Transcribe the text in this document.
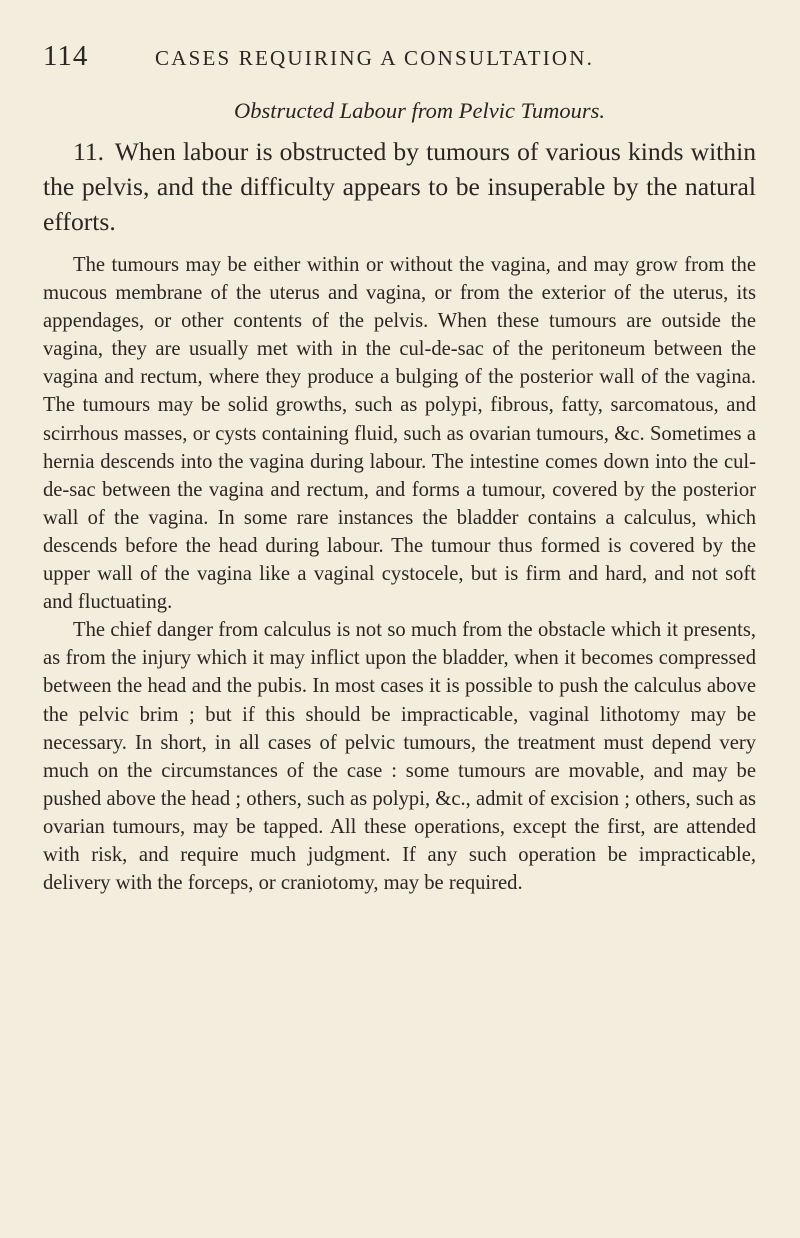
114	CASES REQUIRING A CONSULTATION.
Obstructed Labour from Pelvic Tumours.

11. When labour is obstructed by tumours of various kinds within the pelvis, and the difficulty appears to be insuperable by the natural efforts.

The tumours may be either within or without the vagina, and may grow from the mucous membrane of the uterus and vagina, or from the exterior of the uterus, its appendages, or other contents of the pelvis. When these tumours are outside the vagina, they are usually met with in the cul-de-sac of the peritoneum between the vagina and rectum, where they produce a bulging of the posterior wall of the vagina. The tumours may be solid growths, such as polypi, fibrous, fatty, sarcomatous, and scirrhous masses, or cysts containing fluid, such as ovarian tumours, &c. Sometimes a hernia descends into the vagina during labour. The intestine comes down into the cul-de-sac between the vagina and rectum, and forms a tumour, covered by the posterior wall of the vagina. In some rare instances the bladder contains a calculus, which descends before the head during labour. The tumour thus formed is covered by the upper wall of the vagina like a vaginal cystocele, but is firm and hard, and not soft and fluctuating.

The chief danger from calculus is not so much from the obstacle which it presents, as from the injury which it may inflict upon the bladder, when it becomes compressed between the head and the pubis. In most cases it is possible to push the calculus above the pelvic brim ; but if this should be impracticable, vaginal lithotomy may be necessary. In short, in all cases of pelvic tumours, the treatment must depend very much on the circumstances of the case : some tumours are movable, and may be pushed above the head ; others, such as polypi, &c., admit of excision ; others, such as ovarian tumours, may be tapped. All these operations, except the first, are attended with risk, and require much judgment. If any such operation be impracticable, delivery with the forceps, or craniotomy, may be required.
